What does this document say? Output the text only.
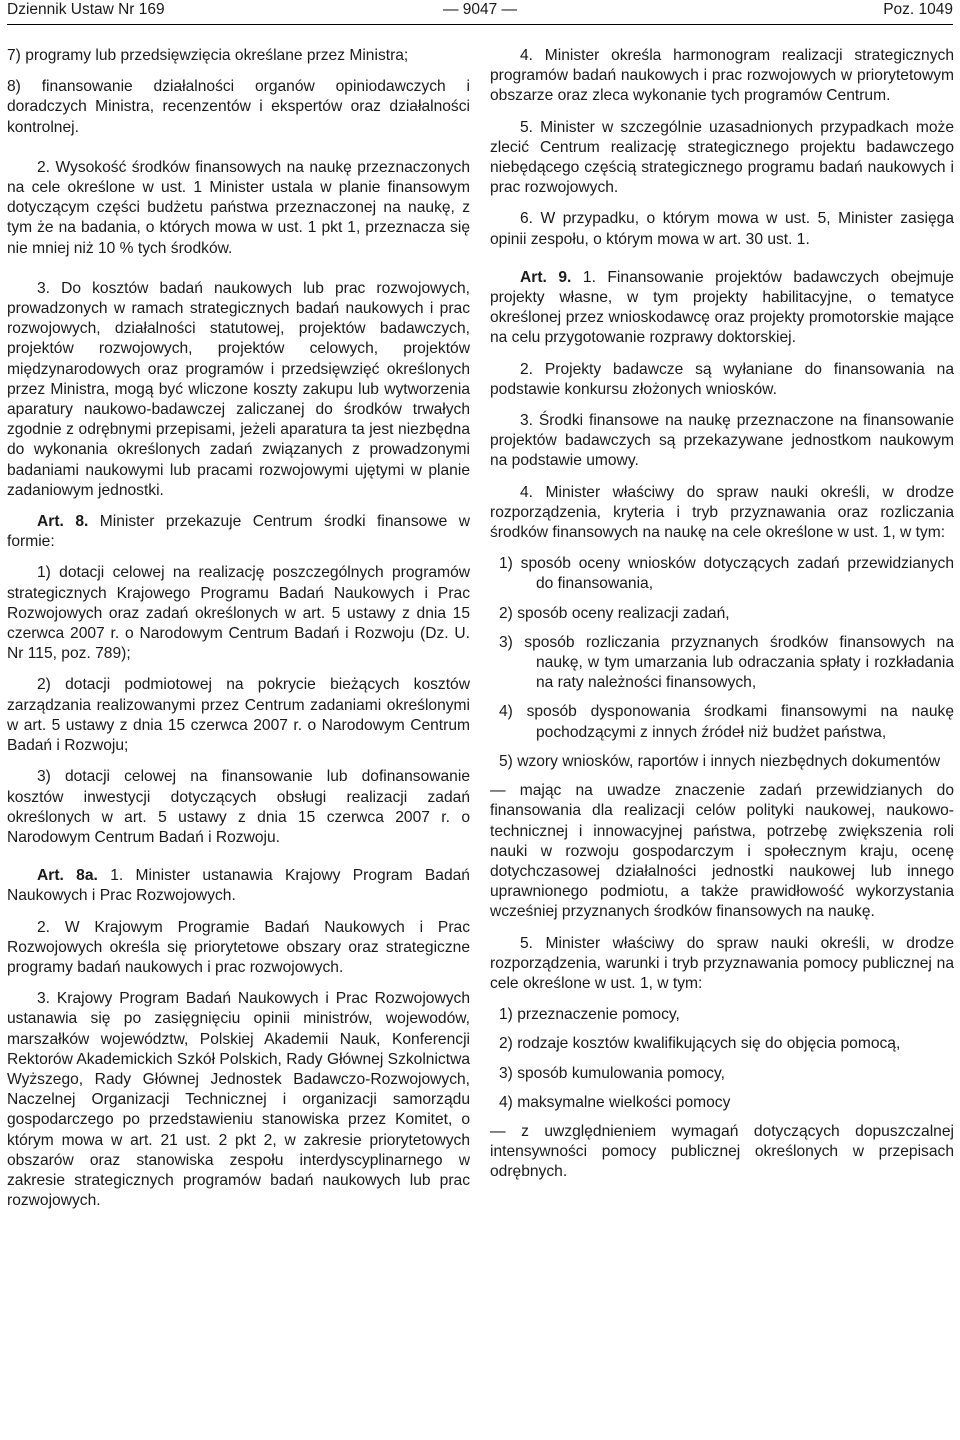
Dziennik Ustaw Nr 169	— 9047 —	Poz. 1049

7) programy lub przedsięwzięcia określane przez Ministra;

8) finansowanie działalności organów opiniodawczych i doradczych Ministra, recenzentów i ekspertów oraz działalności kontrolnej.

2. Wysokość środków finansowych na naukę przeznaczonych na cele określone w ust. 1 Minister ustala w planie finansowym dotyczącym części budżetu państwa przeznaczonej na naukę, z tym że na badania, o których mowa w ust. 1 pkt 1, przeznacza się nie mniej niż 10 % tych środków.

3. Do kosztów badań naukowych lub prac rozwojowych, prowadzonych w ramach strategicznych badań naukowych i prac rozwojowych, działalności statutowej, projektów badawczych, projektów rozwojowych, projektów celowych, projektów międzynarodowych oraz programów i przedsięwzięć określonych przez Ministra, mogą być wliczone koszty zakupu lub wytworzenia aparatury naukowo-badawczej zaliczanej do środków trwałych zgodnie z odrębnymi przepisami, jeżeli aparatura ta jest niezbędna do wykonania określonych zadań związanych z prowadzonymi badaniami naukowymi lub pracami rozwojowymi ujętymi w planie zadaniowym jednostki.

Art. 8. Minister przekazuje Centrum środki finansowe w formie:

1) dotacji celowej na realizację poszczególnych programów strategicznych Krajowego Programu Badań Naukowych i Prac Rozwojowych oraz zadań określonych w art. 5 ustawy z dnia 15 czerwca 2007 r. o Narodowym Centrum Badań i Rozwoju (Dz. U. Nr 115, poz. 789);

2) dotacji podmiotowej na pokrycie bieżących kosztów zarządzania realizowanymi przez Centrum zadaniami określonymi w art. 5 ustawy z dnia 15 czerwca 2007 r. o Narodowym Centrum Badań i Rozwoju;

3) dotacji celowej na finansowanie lub dofinansowanie kosztów inwestycji dotyczących obsługi realizacji zadań określonych w art. 5 ustawy z dnia 15 czerwca 2007 r. o Narodowym Centrum Badań i Rozwoju.

Art. 8a. 1. Minister ustanawia Krajowy Program Badań Naukowych i Prac Rozwojowych.

2. W Krajowym Programie Badań Naukowych i Prac Rozwojowych określa się priorytetowe obszary oraz strategiczne programy badań naukowych i prac rozwojowych.

3. Krajowy Program Badań Naukowych i Prac Rozwojowych ustanawia się po zasięgnięciu opinii ministrów, wojewodów, marszałków województw, Polskiej Akademii Nauk, Konferencji Rektorów Akademickich Szkół Polskich, Rady Głównej Szkolnictwa Wyższego, Rady Głównej Jednostek Badawczo-Rozwojowych, Naczelnej Organizacji Technicznej i organizacji samorządu gospodarczego po przedstawieniu stanowiska przez Komitet, o którym mowa w art. 21 ust. 2 pkt 2, w zakresie priorytetowych obszarów oraz stanowiska zespołu interdyscyplinarnego w zakresie strategicznych programów badań naukowych lub prac rozwojowych.

4. Minister określa harmonogram realizacji strategicznych programów badań naukowych i prac rozwojowych w priorytetowym obszarze oraz zleca wykonanie tych programów Centrum.

5. Minister w szczególnie uzasadnionych przypadkach może zlecić Centrum realizację strategicznego projektu badawczego niebędącego częścią strategicznego programu badań naukowych i prac rozwojowych.

6. W przypadku, o którym mowa w ust. 5, Minister zasięga opinii zespołu, o którym mowa w art. 30 ust. 1.

Art. 9. 1. Finansowanie projektów badawczych obejmuje projekty własne, w tym projekty habilitacyjne, o tematyce określonej przez wnioskodawcę oraz projekty promotorskie mające na celu przygotowanie rozprawy doktorskiej.

2. Projekty badawcze są wyłaniane do finansowania na podstawie konkursu złożonych wniosków.

3. Środki finansowe na naukę przeznaczone na finansowanie projektów badawczych są przekazywane jednostkom naukowym na podstawie umowy.

4. Minister właściwy do spraw nauki określi, w drodze rozporządzenia, kryteria i tryb przyznawania oraz rozliczania środków finansowych na naukę na cele określone w ust. 1, w tym:

1) sposób oceny wniosków dotyczących zadań przewidzianych do finansowania,

2) sposób oceny realizacji zadań,

3) sposób rozliczania przyznanych środków finansowych na naukę, w tym umarzania lub odraczania spłaty i rozkładania na raty należności finansowych,

4) sposób dysponowania środkami finansowymi na naukę pochodzącymi z innych źródeł niż budżet państwa,

5) wzory wniosków, raportów i innych niezbędnych dokumentów

— mając na uwadze znaczenie zadań przewidzianych do finansowania dla realizacji celów polityki naukowej, naukowo-technicznej i innowacyjnej państwa, potrzebę zwiększenia roli nauki w rozwoju gospodarczym i społecznym kraju, ocenę dotychczasowej działalności jednostki naukowej lub innego uprawnionego podmiotu, a także prawidłowość wykorzystania wcześniej przyznanych środków finansowych na naukę.

5. Minister właściwy do spraw nauki określi, w drodze rozporządzenia, warunki i tryb przyznawania pomocy publicznej na cele określone w ust. 1, w tym:

1) przeznaczenie pomocy,

2) rodzaje kosztów kwalifikujących się do objęcia pomocą,

3) sposób kumulowania pomocy,

4) maksymalne wielkości pomocy

— z uwzględnieniem wymagań dotyczących dopuszczalnej intensywności pomocy publicznej określonych w przepisach odrębnych.
